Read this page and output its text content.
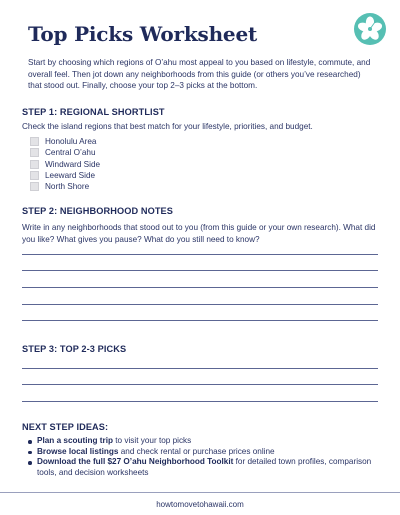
Top Picks Worksheet
Start by choosing which regions of O’ahu most appeal to you based on lifestyle, commute, and overall feel. Then jot down any neighborhoods from this guide (or others you’ve researched) that stood out. Finally, choose your top 2–3 picks at the bottom.
STEP 1: REGIONAL SHORTLIST
Check the island regions that best match for your lifestyle, priorities, and budget.
Honolulu Area
Central O’ahu
Windward Side
Leeward Side
North Shore
STEP 2: NEIGHBORHOOD NOTES
Write in any neighborhoods that stood out to you (from this guide or your own research). What did you like? What gives you pause? What do you still need to know?
STEP 3: TOP 2-3 PICKS
NEXT STEP IDEAS:
Plan a scouting trip to visit your top picks
Browse local listings and check rental or purchase prices online
Download the full $27 O’ahu Neighborhood Toolkit for detailed town profiles, comparison tools, and decision worksheets
howtomovetohawaii.com
